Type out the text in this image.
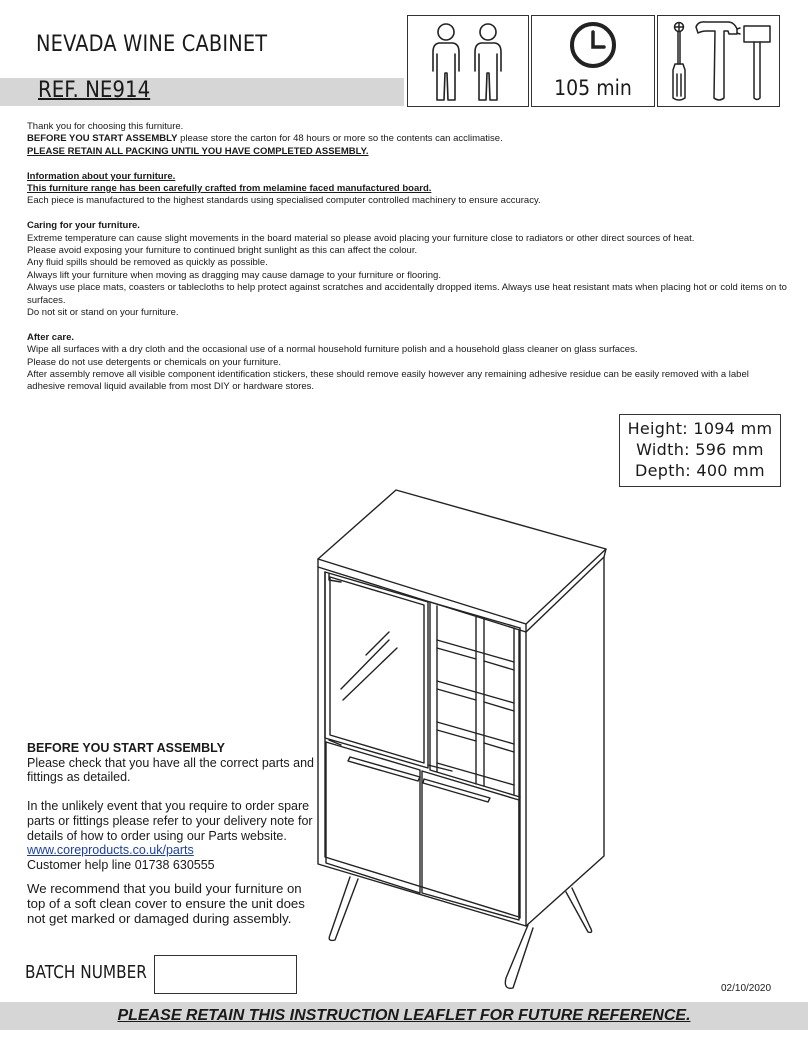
NEVADA WINE CABINET
REF. NE914	105 min

Thank you for choosing this furniture.

BEFORE YOU START ASSEMBLY please store the carton for 48 hours or more so the contents can acclimatise.

PLEASE RETAIN ALL PACKING UNTIL YOU HAVE COMPLETED ASSEMBLY.

Information about your furniture.

This furniture range has been carefully crafted from melamine faced manufactured board.

Each piece is manufactured to the highest standards using specialised computer controlled machinery to ensure accuracy.

Caring for your furniture.

Extreme temperature can cause slight movements in the board material so please avoid placing your furniture close to radiators or other direct sources of heat.

Please avoid exposing your furniture to continued bright sunlight as this can affect the colour.

Any fluid spills should be removed as quickly as possible.

Always lift your furniture when moving as dragging may cause damage to your furniture or flooring.

Always use place mats, coasters or tablecloths to help protect against scratches and accidentally dropped items. Always use heat resistant mats when placing hot or cold items on to surfaces.

Do not sit or stand on your furniture.

After care.

Wipe all surfaces with a dry cloth and the occasional use of a normal household furniture polish and a household glass cleaner on glass surfaces.

Please do not use detergents or chemicals on your furniture.

After assembly remove all visible component identification stickers, these should remove easily however any remaining adhesive residue can be easily removed with a label adhesive removal liquid available from most DIY or hardware stores.

Height: 1094 mm
Width: 596 mm
Depth: 400 mm

BEFORE YOU START ASSEMBLY

Please check that you have all the correct parts and fittings as detailed.

In the unlikely event that you require to order spare parts or fittings please refer to your delivery note for details of how to order using our Parts website.

www.coreproducts.co.uk/parts

Customer help line 01738 630555

We recommend that you build your furniture on top of a soft clean cover to ensure the unit does not get marked or damaged during assembly.

BATCH NUMBER
02/10/2020
PLEASE RETAIN THIS INSTRUCTION LEAFLET FOR FUTURE REFERENCE.
